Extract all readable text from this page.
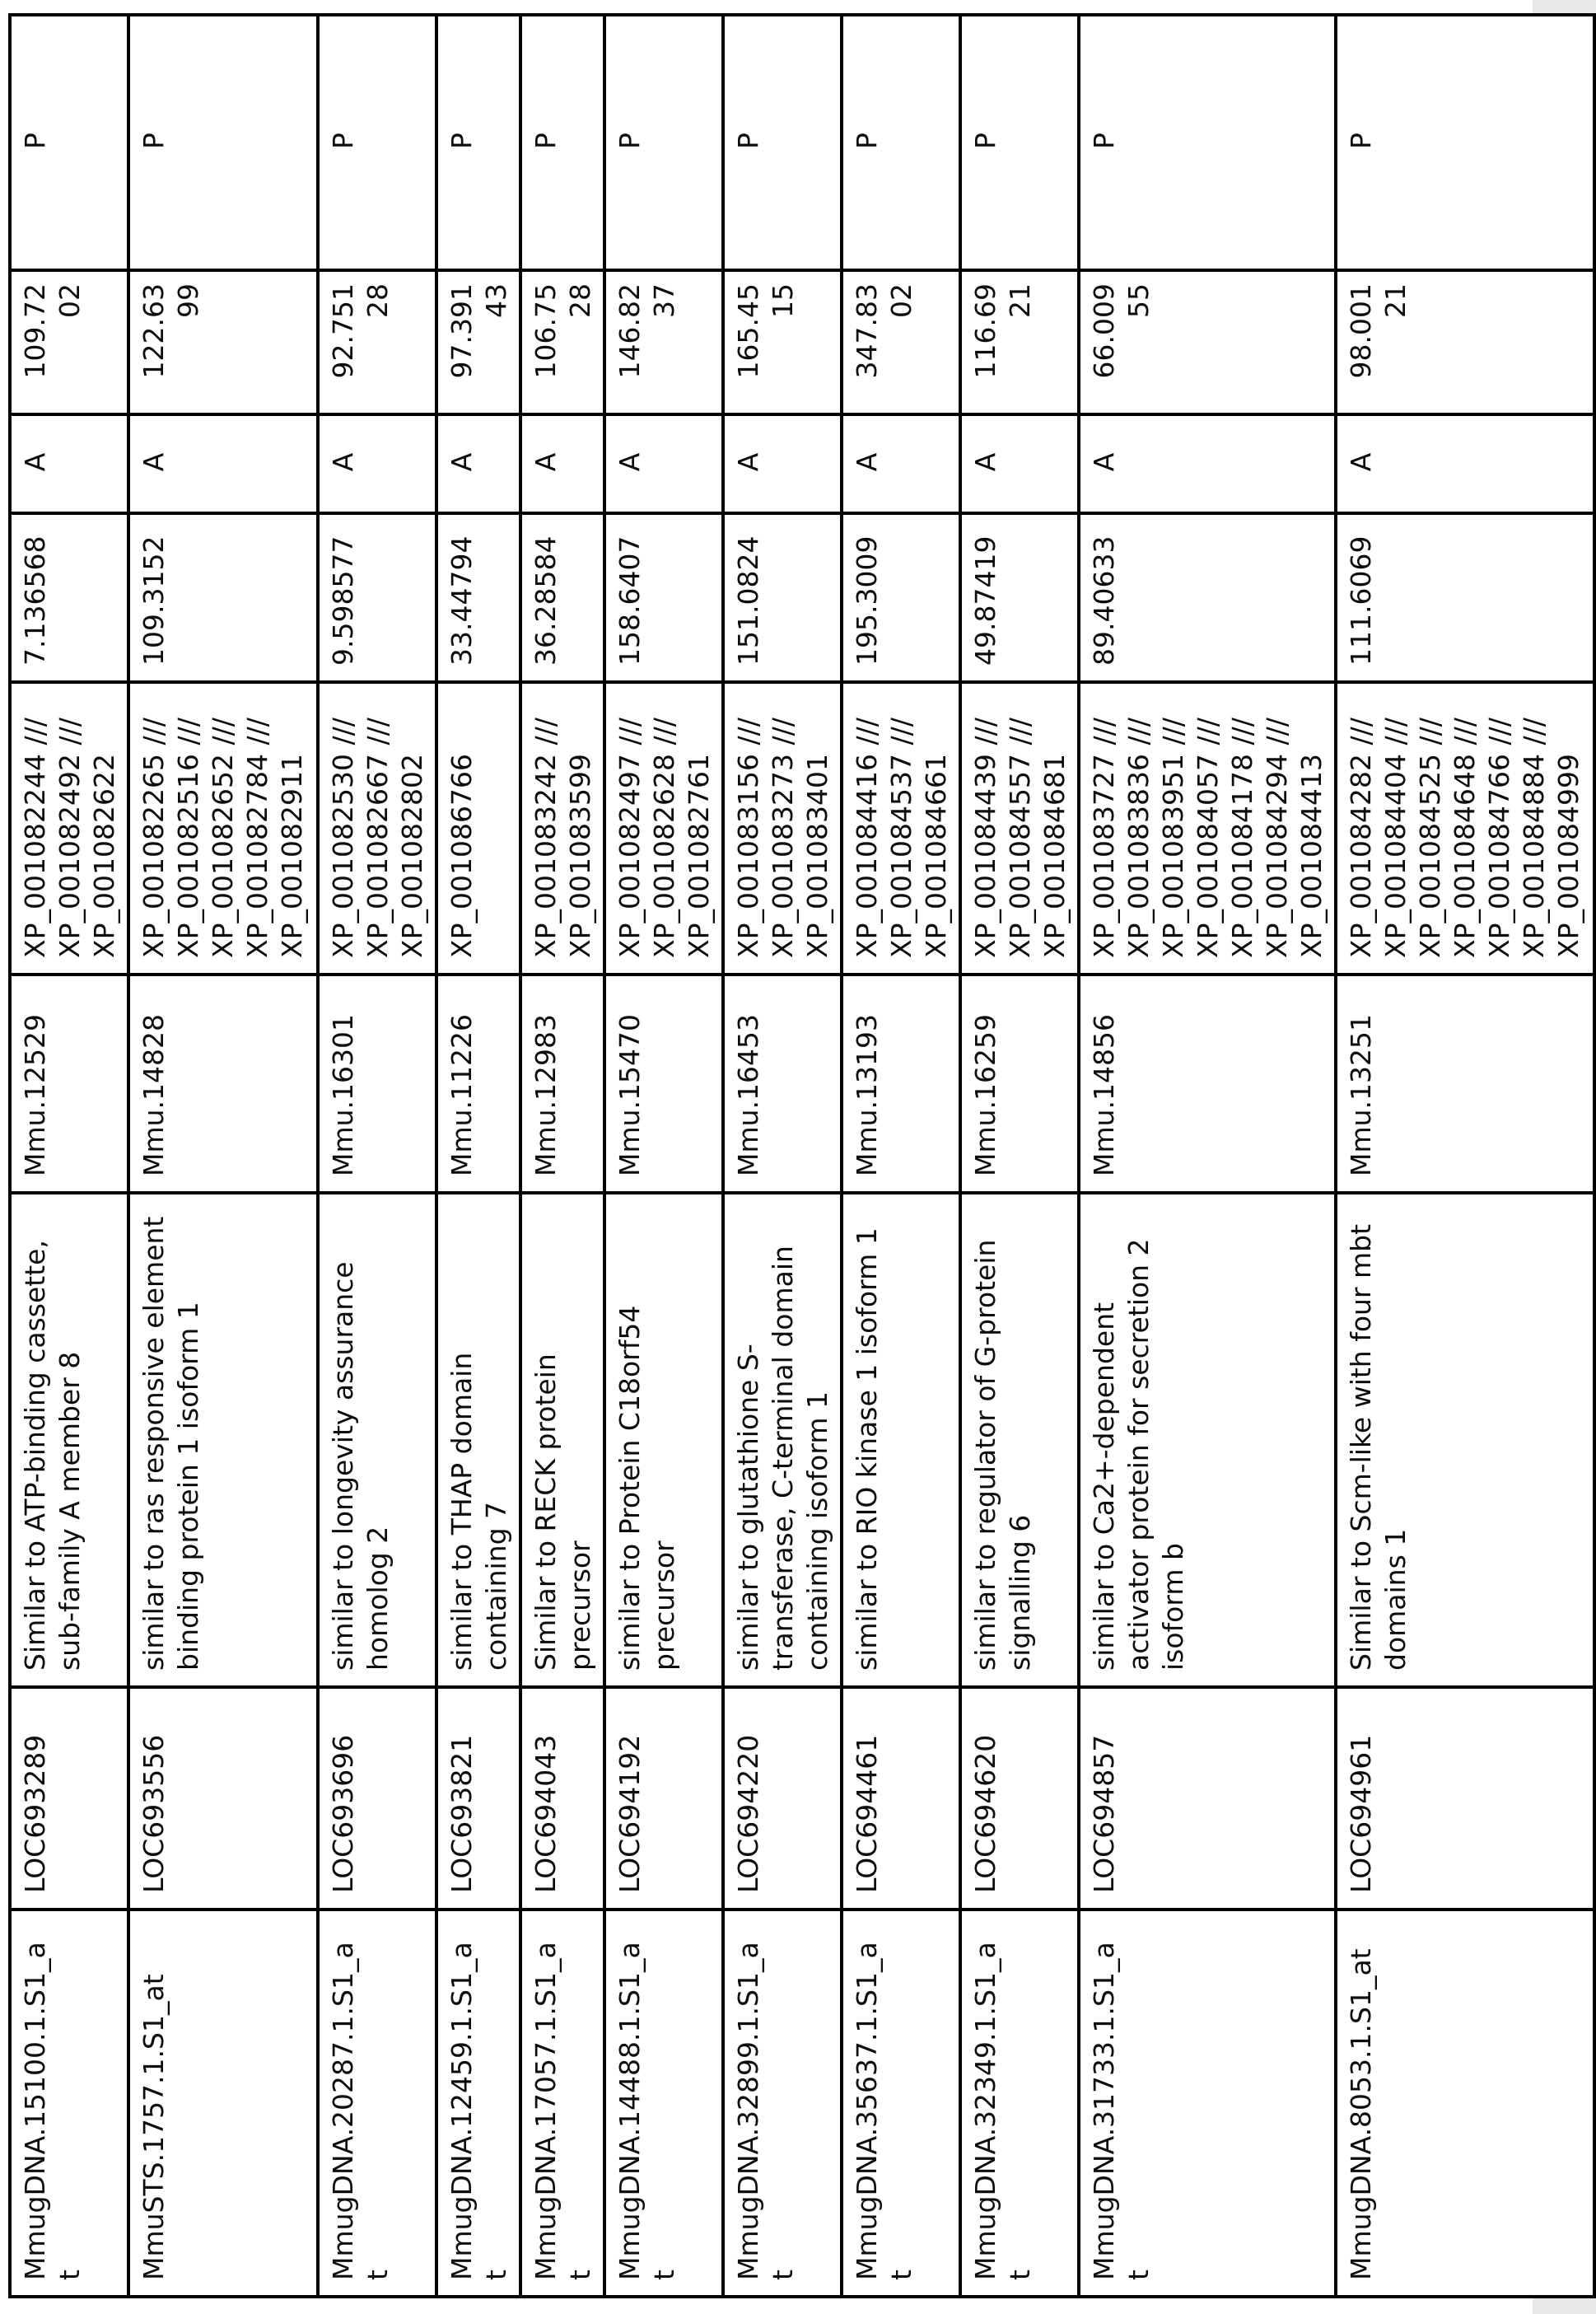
MmugDNA.15100.1.S1_a
t	LOC693289	Similar to ATP-binding cassette,
sub-family A member 8	Mmu.12529	XP_001082244 ///
XP_001082492 ///
XP_001082622	7.136568	A	109.72
02	P
MmuSTS.1757.1.S1_at	LOC693556	similar to ras responsive element
binding protein 1 isoform 1	Mmu.14828	XP_001082265 ///
XP_001082516 ///
XP_001082652 ///
XP_001082784 ///
XP_001082911	109.3152	A	122.63
99	P
MmugDNA.20287.1.S1_a
t	LOC693696	similar to longevity assurance
homolog 2	Mmu.16301	XP_001082530 ///
XP_001082667 ///
XP_001082802	9.598577	A	92.751
28	P
MmugDNA.12459.1.S1_a
t	LOC693821	similar to THAP domain
containing 7	Mmu.11226	XP_001086766	33.44794	A	97.391
43	P
MmugDNA.17057.1.S1_a
t	LOC694043	Similar to RECK protein
precursor	Mmu.12983	XP_001083242 ///
XP_001083599	36.28584	A	106.75
28	P
MmugDNA.14488.1.S1_a
t	LOC694192	similar to Protein C18orf54
precursor	Mmu.15470	XP_001082497 ///
XP_001082628 ///
XP_001082761	158.6407	A	146.82
37	P
MmugDNA.32899.1.S1_a
t	LOC694220	similar to glutathione S-
transferase, C-terminal domain
containing isoform 1	Mmu.16453	XP_001083156 ///
XP_001083273 ///
XP_001083401	151.0824	A	165.45
15	P
MmugDNA.35637.1.S1_a
t	LOC694461	similar to RIO kinase 1 isoform 1	Mmu.13193	XP_001084416 ///
XP_001084537 ///
XP_001084661	195.3009	A	347.83
02	P
MmugDNA.32349.1.S1_a
t	LOC694620	similar to regulator of G-protein
signalling 6	Mmu.16259	XP_001084439 ///
XP_001084557 ///
XP_001084681	49.87419	A	116.69
21	P
MmugDNA.31733.1.S1_a
t	LOC694857	similar to Ca2+-dependent
activator protein for secretion 2
isoform b	Mmu.14856	XP_001083727 ///
XP_001083836 ///
XP_001083951 ///
XP_001084057 ///
XP_001084178 ///
XP_001084294 ///
XP_001084413	89.40633	A	66.009
55	P
MmugDNA.8053.1.S1_at	LOC694961	Similar to Scm-like with four mbt
domains 1	Mmu.13251	XP_001084282 ///
XP_001084404 ///
XP_001084525 ///
XP_001084648 ///
XP_001084766 ///
XP_001084884 ///
XP_001084999	111.6069	A	98.001
21	P
